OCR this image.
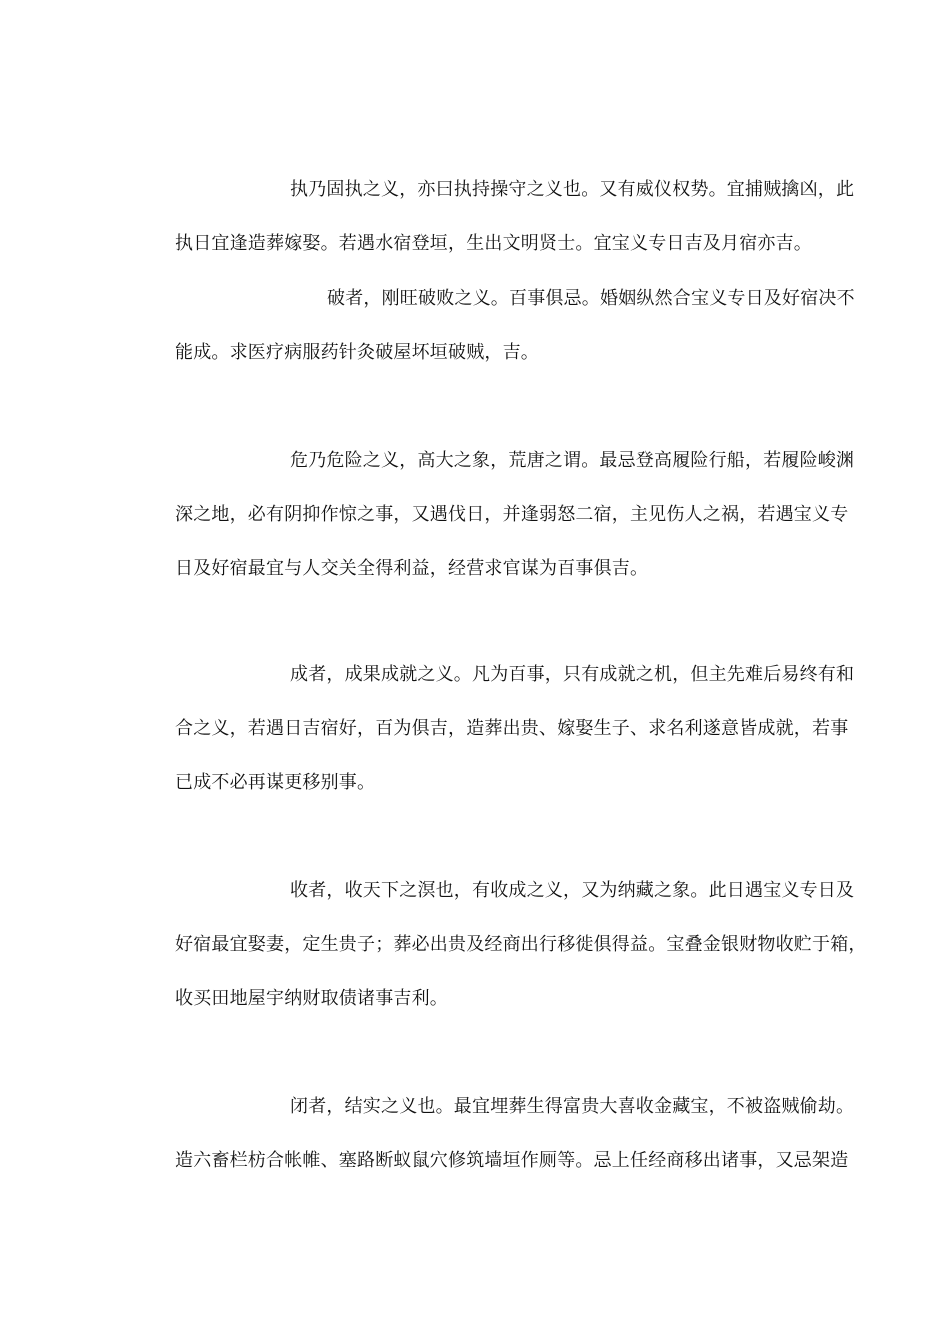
执乃固执之义，亦曰执持操守之义也。又有威仪权势。宜捕贼擒凶，此
执日宜逢造葬嫁娶。若遇水宿登垣，生出文明贤士。宜宝义专日吉及月宿亦吉。
破者，刚旺破败之义。百事俱忌。婚姻纵然合宝义专日及好宿决不
能成。求医疗病服药针灸破屋坏垣破贼，吉。
危乃危险之义，高大之象，荒唐之谓。最忌登高履险行船，若履险峻渊
深之地，必有阴抑作惊之事，又遇伐日，并逢弱怒二宿，主见伤人之祸，若遇宝义专
日及好宿最宜与人交关全得利益，经营求官谋为百事俱吉。
成者，成果成就之义。凡为百事，只有成就之机，但主先难后易终有和
合之义，若遇日吉宿好，百为俱吉，造葬出贵、嫁娶生子、求名利遂意皆成就，若事
已成不必再谋更移别事。
收者，收天下之溟也，有收成之义，又为纳藏之象。此日遇宝义专日及
好宿最宜娶妻，定生贵子；葬必出贵及经商出行移徙俱得益。宝叠金银财物收贮于箱，
收买田地屋宇纳财取债诸事吉利。
闭者，结实之义也。最宜埋葬生得富贵大喜收金藏宝，不被盗贼偷劫。
造六畜栏枋合帐帷、塞路断蚁鼠穴修筑墙垣作厕等。忌上任经商移出诸事，又忌架造
